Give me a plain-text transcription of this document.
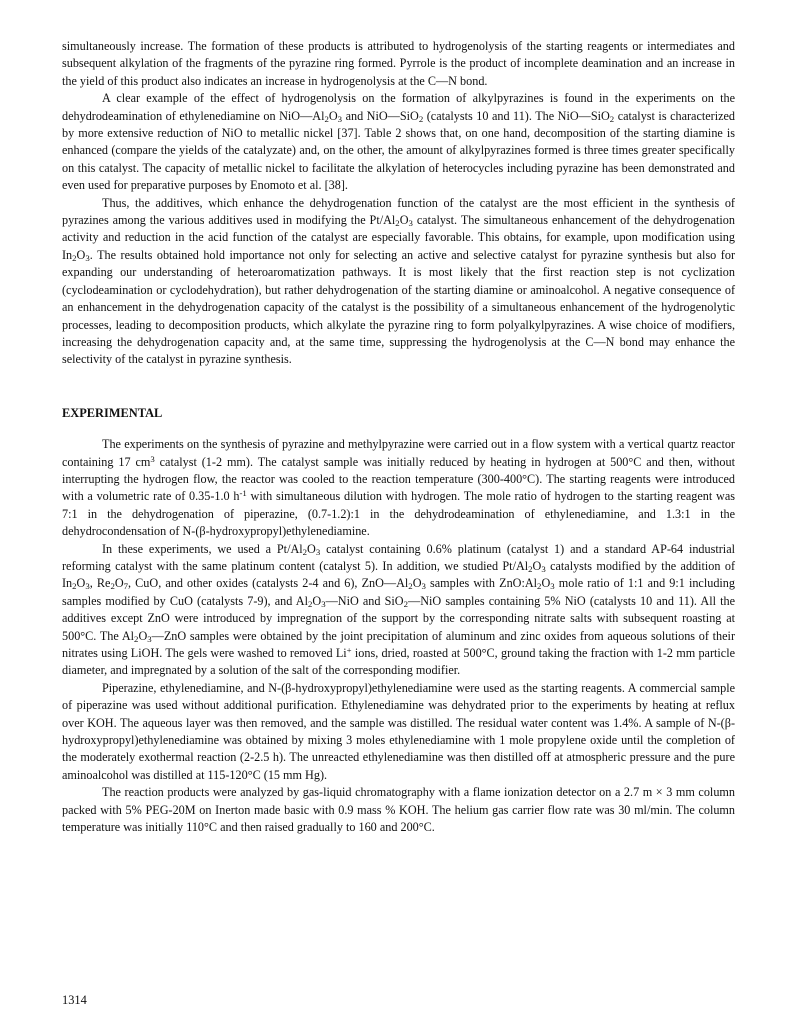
simultaneously increase. The formation of these products is attributed to hydrogenolysis of the starting reagents or intermediates and subsequent alkylation of the fragments of the pyrazine ring formed. Pyrrole is the product of incomplete deamination and an increase in the yield of this product also indicates an increase in hydrogenolysis at the C—N bond.

A clear example of the effect of hydrogenolysis on the formation of alkylpyrazines is found in the experiments on the dehydrodeamination of ethylenediamine on $NiO—Al_2O_3$ and NiO—SiO$_2$ (catalysts 10 and 11). The NiO—SiO$_2$ catalyst is characterized by more extensive reduction of NiO to metallic nickel [37]. Table 2 shows that, on one hand, decomposition of the starting diamine is enhanced (compare the yields of the catalyzate) and, on the other, the amount of alkylpyrazines formed is three times greater specifically on this catalyst. The capacity of metallic nickel to facilitate the alkylation of heterocycles including pyrazine has been demonstrated and even used for preparative purposes by Enomoto et al. [38].

Thus, the additives, which enhance the dehydrogenation function of the catalyst are the most efficient in the synthesis of pyrazines among the various additives used in modifying the $Pt/Al_2O_3$ catalyst. The simultaneous enhancement of the dehydrogenation activity and reduction in the acid function of the catalyst are especially favorable. This obtains, for example, upon modification using $In_2O_3$. The results obtained hold importance not only for selecting an active and selective catalyst for pyrazine synthesis but also for expanding our understanding of heteroaromatization pathways. It is most likely that the first reaction step is not cyclization (cyclodeamination or cyclodehydration), but rather dehydrogenation of the starting diamine or aminoalcohol. A negative consequence of an enhancement in the dehydrogenation capacity of the catalyst is the possibility of a simultaneous enhancement of the hydrogenolytic processes, leading to decomposition products, which alkylate the pyrazine ring to form polyalkylpyrazines. A wise choice of modifiers, increasing the dehydrogenation capacity and, at the same time, suppressing the hydrogenolysis at the C—N bond may enhance the selectivity of the catalyst in pyrazine synthesis.

EXPERIMENTAL

The experiments on the synthesis of pyrazine and methylpyrazine were carried out in a flow system with a vertical quartz reactor containing 17 $cm^3$ catalyst (1-2 mm). The catalyst sample was initially reduced by heating in hydrogen at 500°C and then, without interrupting the hydrogen flow, the reactor was cooled to the reaction temperature (300-400°C). The starting reagents were introduced with a volumetric rate of 0.35-1.0 $h^{-1}$ with simultaneous dilution with hydrogen. The mole ratio of hydrogen to the starting reagent was 7:1 in the dehydrogenation of piperazine, (0.7-1.2):1 in the dehydrodeamination of ethylenediamine, and 1.3:1 in the dehydrocondensation of N-(β-hydroxypropyl)ethylenediamine.

In these experiments, we used a $Pt/Al_2O_3$ catalyst containing 0.6% platinum (catalyst 1) and a standard AP-64 industrial reforming catalyst with the same platinum content (catalyst 5). In addition, we studied $Pt/Al_2O_3$ catalysts modified by the addition of $In_2O_3$, $Re_2O_7$, CuO, and other oxides (catalysts 2-4 and 6), $ZnO—Al_2O_3$ samples with $ZnO:Al_2O_3$ mole ratio of 1:1 and 9:1 including samples modified by CuO (catalysts 7-9), and $Al_2O_3—NiO$ and SiO$_2$—NiO samples containing 5% NiO (catalysts 10 and 11). All the additives except ZnO were introduced by impregnation of the support by the corresponding nitrate salts with subsequent roasting at 500°C. The $Al_2O_3—ZnO$ samples were obtained by the joint precipitation of aluminum and zinc oxides from aqueous solutions of their nitrates using LiOH. The gels were washed to removed Li+ ions, dried, roasted at 500°C, ground taking the fraction with 1-2 mm particle diameter, and impregnated by a solution of the salt of the corresponding modifier.

Piperazine, ethylenediamine, and N-(β-hydroxypropyl)ethylenediamine were used as the starting reagents. A commercial sample of piperazine was used without additional purification. Ethylenediamine was dehydrated prior to the experiments by heating at reflux over KOH. The aqueous layer was then removed, and the sample was distilled. The residual water content was 1.4%. A sample of N-(β-hydroxypropyl)ethylenediamine was obtained by mixing 3 moles ethylenediamine with 1 mole propylene oxide until the completion of the moderately exothermal reaction (2-2.5 h). The unreacted ethylenediamine was then distilled off at atmospheric pressure and the pure aminoalcohol was distilled at 115-120°C (15 mm Hg).

The reaction products were analyzed by gas-liquid chromatography with a flame ionization detector on a 2.7 m × 3 mm column packed with 5% PEG-20M on Inerton made basic with 0.9 mass % KOH. The helium gas carrier flow rate was 30 ml/min. The column temperature was initially 110°C and then raised gradually to 160 and 200°C.

1314
